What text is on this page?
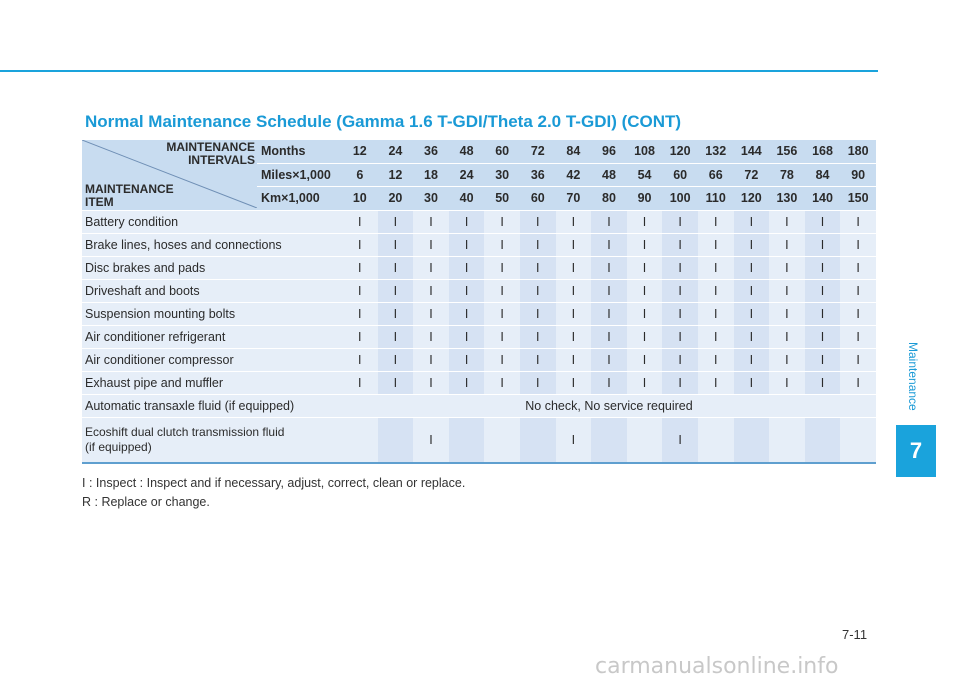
Normal Maintenance Schedule (Gamma 1.6 T-GDI/Theta 2.0 T-GDI) (CONT)
MAINTENANCE
INTERVALS
MAINTENANCE
ITEM	Months	12	24	36	48	60	72	84	96	108	120	132	144	156	168	180
	Miles×1,000	6	12	18	24	30	36	42	48	54	60	66	72	78	84	90
	Km×1,000	10	20	30	40	50	60	70	80	90	100	110	120	130	140	150
Battery condition		I	I	I	I	I	I	I	I	I	I	I	I	I	I	I
Brake lines, hoses and connections		I	I	I	I	I	I	I	I	I	I	I	I	I	I	I
Disc brakes and pads		I	I	I	I	I	I	I	I	I	I	I	I	I	I	I
Driveshaft and boots		I	I	I	I	I	I	I	I	I	I	I	I	I	I	I
Suspension mounting bolts		I	I	I	I	I	I	I	I	I	I	I	I	I	I	I
Air conditioner refrigerant		I	I	I	I	I	I	I	I	I	I	I	I	I	I	I
Air conditioner compressor		I	I	I	I	I	I	I	I	I	I	I	I	I	I	I
Exhaust pipe and muffler		I	I	I	I	I	I	I	I	I	I	I	I	I	I	I
Automatic transaxle fluid (if equipped)		No check, No service required														

Ecoshift dual clutch transmission fluid
(if equipped)				I				I			I					
I : Inspect : Inspect and if necessary, adjust, correct, clean or replace.
R : Replace or change.
Maintenance
7
7-11
carmanualsonline.info
